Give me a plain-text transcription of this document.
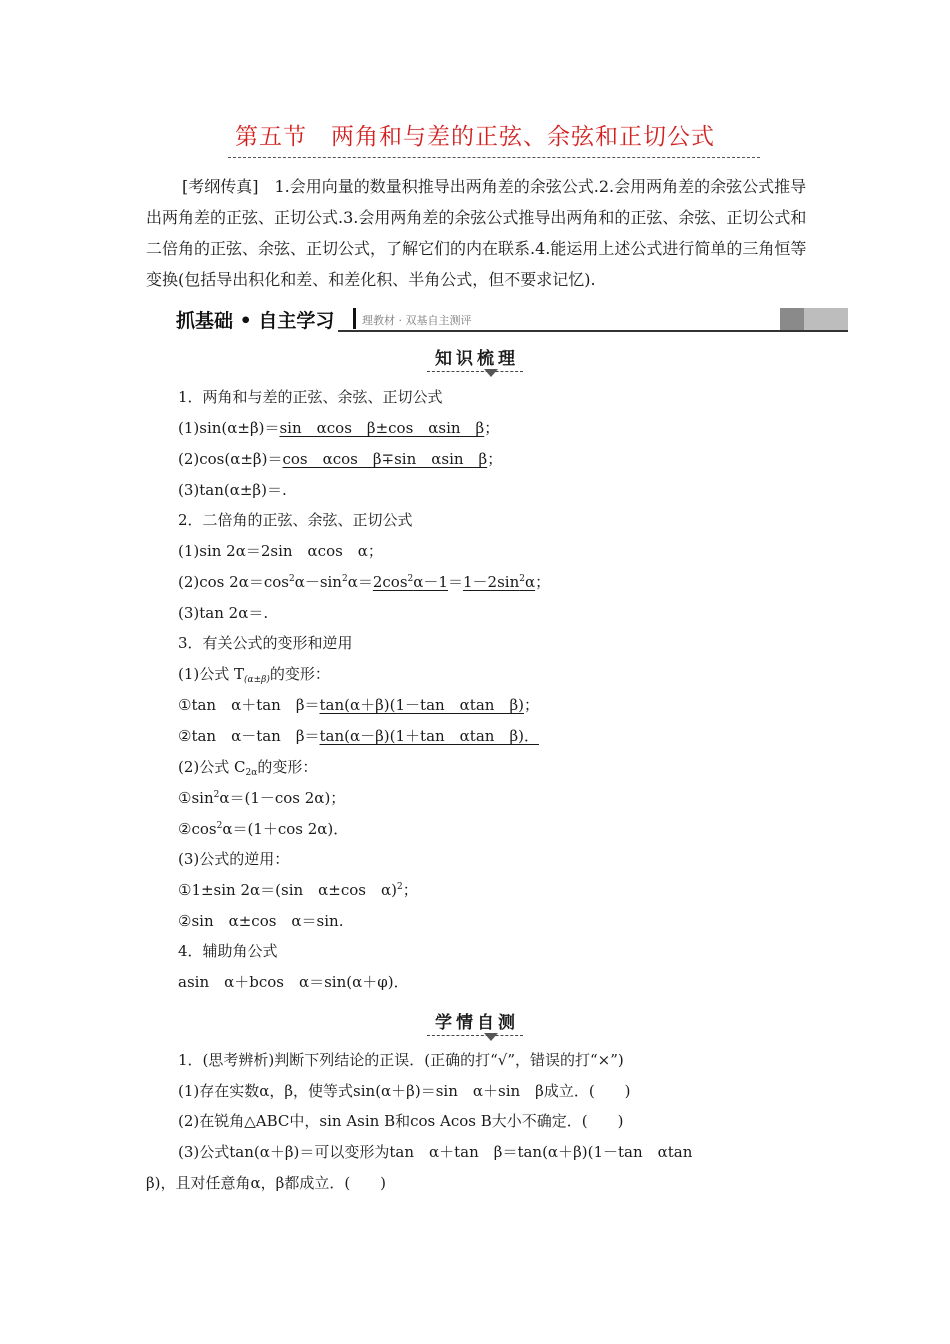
第五节　两角和与差的正弦、余弦和正切公式
[考纲传真]　1.会用向量的数量积推导出两角差的余弦公式.2.会用两角差的余弦公式推导出两角差的正弦、正切公式.3.会用两角差的余弦公式推导出两角和的正弦、余弦、正切公式和二倍角的正弦、余弦、正切公式，了解它们的内在联系.4.能运用上述公式进行简单的三角恒等变换(包括导出积化和差、和差化积、半角公式，但不要求记忆).
抓基础 • 自主学习	理教材 · 双基自主测评
知识梳理
1．两角和与差的正弦、余弦、正切公式
(1)sin(α±β)＝sin　αcos　β±cos　αsin　β；
(2)cos(α±β)＝cos　αcos　β∓sin　αsin　β；
(3)tan(α±β)＝.
2．二倍角的正弦、余弦、正切公式
(1)sin 2α＝2sin　αcos　α；
(2)cos $2\alpha=\cos^2\alpha-\sin^2\alpha=2\cos^2\alpha-1=1-2\sin^2\alpha$；
(3)tan 2α＝.
3．有关公式的变形和逆用
(1)公式 $T_{(\alpha\pm\beta)}$的变形：
①tan　α＋tan　β＝tan(α＋β)(1－tan　αtan　β)；
②tan　α－tan　β＝tan(α－β)(1＋tan　αtan　β)．
(2)公式 $C_{2\alpha}$的变形：
$①\sin^2\alpha=(1-\cos$ 2α)；
$②\cos^2\alpha=(1+\cos$ 2α)．
(3)公式的逆用：
①1±sin 2α＝(sin　α±cos　α)$^2$；
②sin　α±cos　α＝sin.
4．辅助角公式
asin　α＋bcos　α＝sin(α＋φ)．
学情自测
1．(思考辨析)判断下列结论的正误．(正确的打“√”，错误的打“×”)
(1)存在实数α，β，使等式sin(α＋β)＝sin　α＋sin　β成立．(　　)
(2)在锐角△ABC中，sin Asin B和cos Acos B大小不确定．(　　)
(3)公式tan(α＋β)＝可以变形为tan　α＋tan　β＝tan(α＋β)(1－tan　αtan
β)，且对任意角α，β都成立．(　　)
